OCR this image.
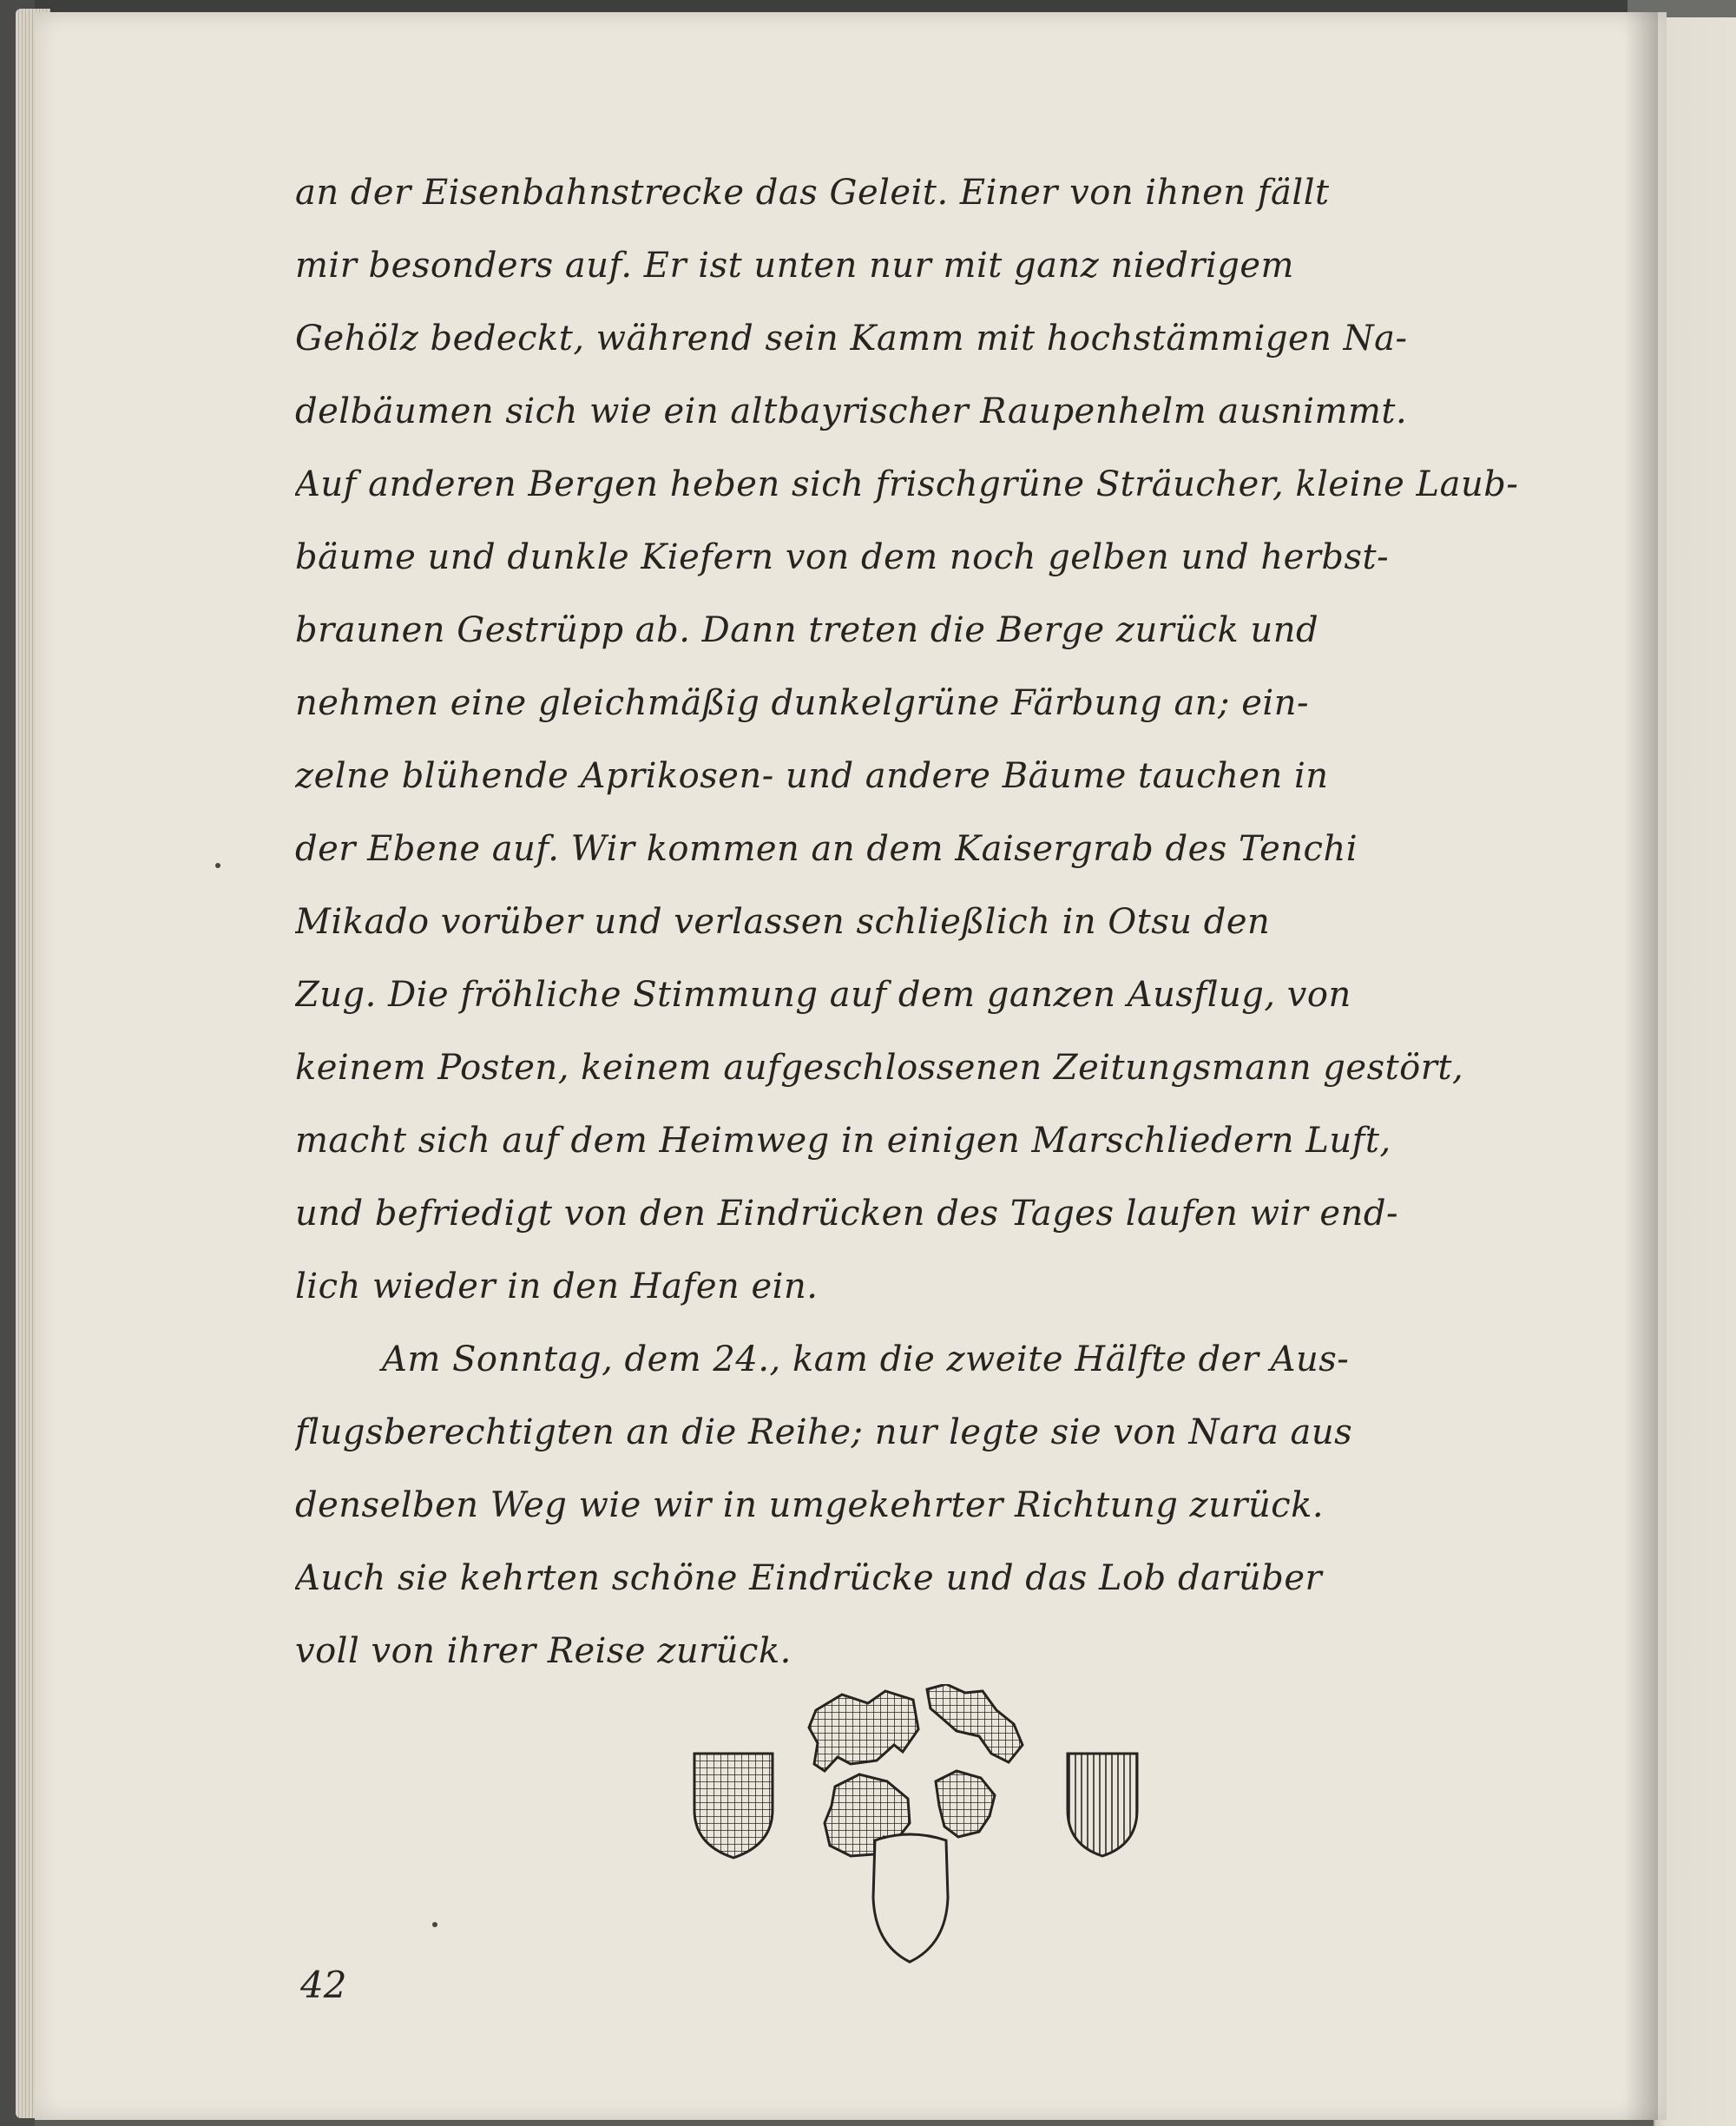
an der Eisenbahnstrecke das Geleit. Einer von ihnen fällt
mir besonders auf. Er ist unten nur mit ganz niedrigem
Gehölz bedeckt, während sein Kamm mit hochstämmigen Na-
delbäumen sich wie ein altbayrischer Raupenhelm ausnimmt.
Auf anderen Bergen heben sich frischgrüne Sträucher, kleine Laub-
bäume und dunkle Kiefern von dem noch gelben und herbst-
braunen Gestrüpp ab. Dann treten die Berge zurück und
nehmen eine gleichmäßig dunkelgrüne Färbung an; ein-
zelne blühende Aprikosen- und andere Bäume tauchen in
der Ebene auf. Wir kommen an dem Kaisergrab des Tenchi
Mikado vorüber und verlassen schließlich in Otsu den
Zug. Die fröhliche Stimmung auf dem ganzen Ausflug, von
keinem Posten, keinem aufgeschlossenen Zeitungsmann gestört,
macht sich auf dem Heimweg in einigen Marschliedern Luft,
und befriedigt von den Eindrücken des Tages laufen wir end-
lich wieder in den Hafen ein.
Am Sonntag, dem 24., kam die zweite Hälfte der Aus-
flugsberechtigten an die Reihe; nur legte sie von Nara aus
denselben Weg wie wir in umgekehrter Richtung zurück.
Auch sie kehrten schöne Eindrücke und das Lob darüber
voll von ihrer Reise zurück.
42
